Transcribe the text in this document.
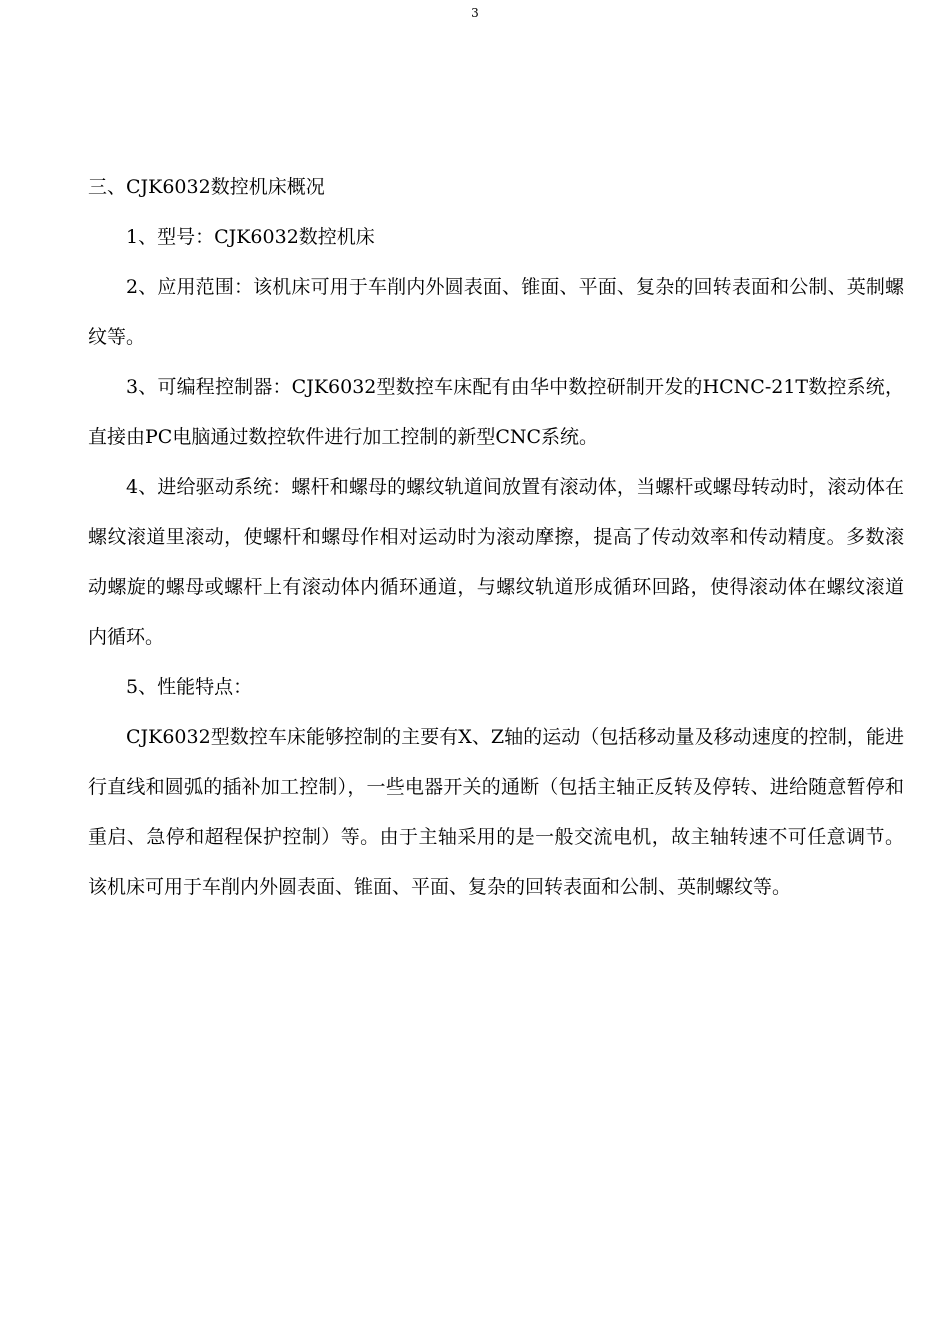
3
三、CJK6032数控机床概况

1、型号：CJK6032数控机床

2、应用范围：该机床可用于车削内外圆表面、锥面、平面、复杂的回转表面和公制、英制螺纹等。

3、可编程控制器：CJK6032型数控车床配有由华中数控研制开发的HCNC-21T数控系统，直接由PC电脑通过数控软件进行加工控制的新型CNC系统。

4、进给驱动系统：螺杆和螺母的螺纹轨道间放置有滚动体，当螺杆或螺母转动时，滚动体在螺纹滚道里滚动，使螺杆和螺母作相对运动时为滚动摩擦，提高了传动效率和传动精度。多数滚动螺旋的螺母或螺杆上有滚动体内循环通道，与螺纹轨道形成循环回路，使得滚动体在螺纹滚道内循环。

5、性能特点：

CJK6032型数控车床能够控制的主要有X、Z轴的运动（包括移动量及移动速度的控制，能进行直线和圆弧的插补加工控制），一些电器开关的通断（包括主轴正反转及停转、进给随意暂停和重启、急停和超程保护控制）等。由于主轴采用的是一般交流电机，故主轴转速不可任意调节。该机床可用于车削内外圆表面、锥面、平面、复杂的回转表面和公制、英制螺纹等。
